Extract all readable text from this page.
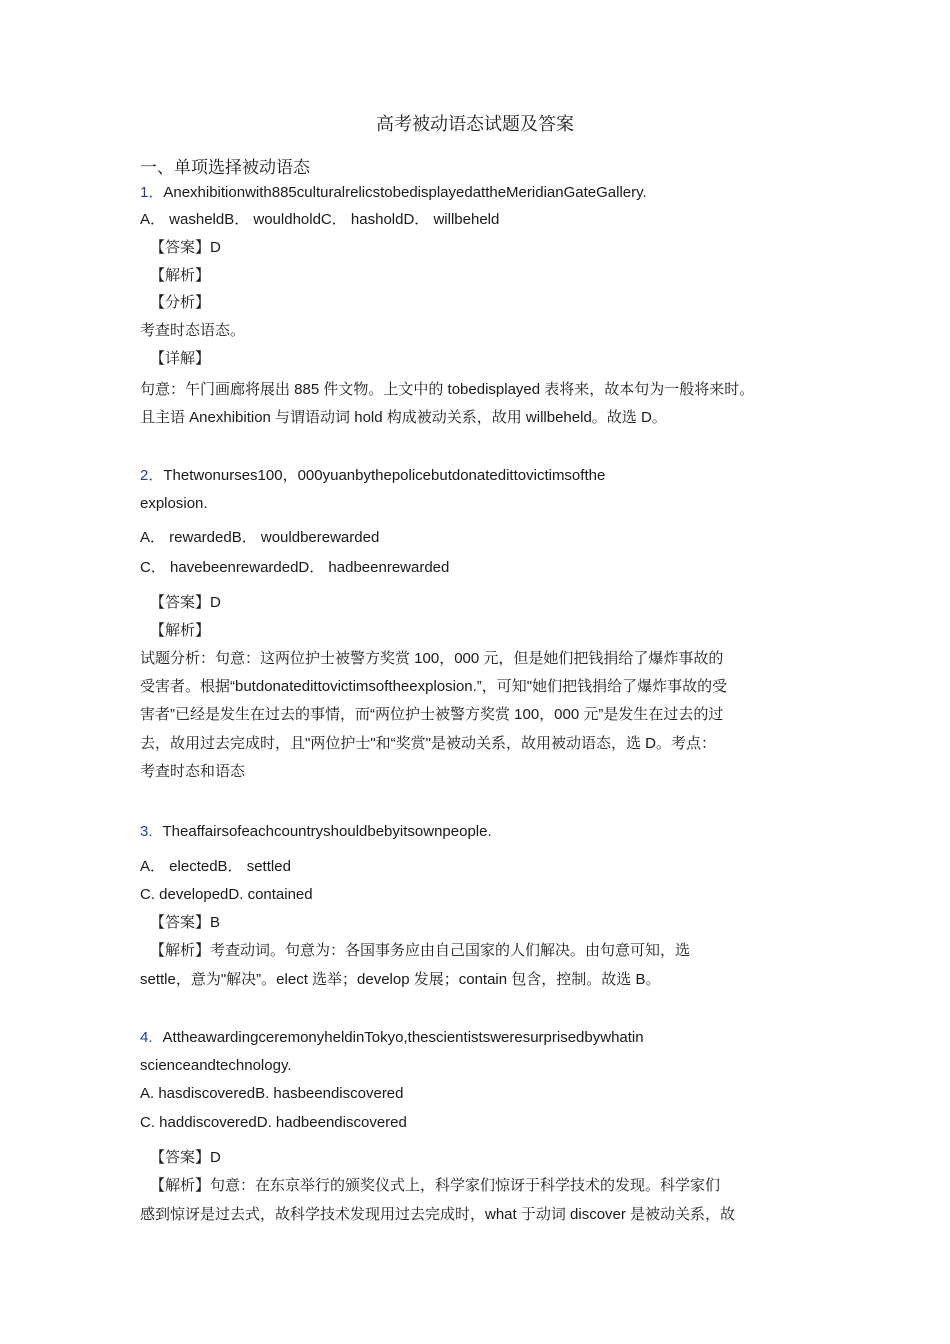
高考被动语态试题及答案
一、单项选择被动语态
1．Anexhibitionwith885culturalrelicstobedisplayedattheMeridianGateGallery.
A． washeldB． wouldholdC． hasholdD． willbeheld
【答案】D
【解析】
【分析】
考查时态语态。
【详解】
句意：午门画廊将展出 885 件文物。上文中的 tobedisplayed 表将来，故本句为一般将来时。
且主语 Anexhibition 与谓语动词 hold 构成被动关系，故用 willbeheld。故选 D。
2．Thetwonurses100，000yuanbythepolicebutdonatedittovictimsofthe
explosion.
A． rewardedB． wouldberewarded
C． havebeenrewardedD． hadbeenrewarded
【答案】D
【解析】
试题分析：句意：这两位护士被警方奖赏 100，000 元，但是她们把钱捐给了爆炸事故的
受害者。根据“butdonatedittovictimsoftheexplosion.”，可知"她们把钱捐给了爆炸事故的受
害者”已经是发生在过去的事情，而“两位护士被警方奖赏 100，000 元”是发生在过去的过
去，故用过去完成时，且"两位护士"和“奖赏"是被动关系，故用被动语态，选 D。考点：
考查时态和语态
3. Theaffairsofeachcountryshouldbebyitsownpeople.
A． electedB． settled
C. developedD. contained
【答案】B
【解析】考查动词。句意为：各国事务应由自己国家的人们解决。由句意可知，选
settle，意为"解决”。elect 选举；develop 发展；contain 包含，控制。故选 B。
4. AttheawardingceremonyheldinTokyo,thescientistsweresurprisedbywhatin
scienceandtechnology.
A. hasdiscoveredB. hasbeendiscovered
C. haddiscoveredD. hadbeendiscovered
【答案】D
【解析】句意：在东京举行的颁奖仪式上，科学家们惊讶于科学技术的发现。科学家们
感到惊讶是过去式，故科学技术发现用过去完成时，what 于动词 discover 是被动关系，故
